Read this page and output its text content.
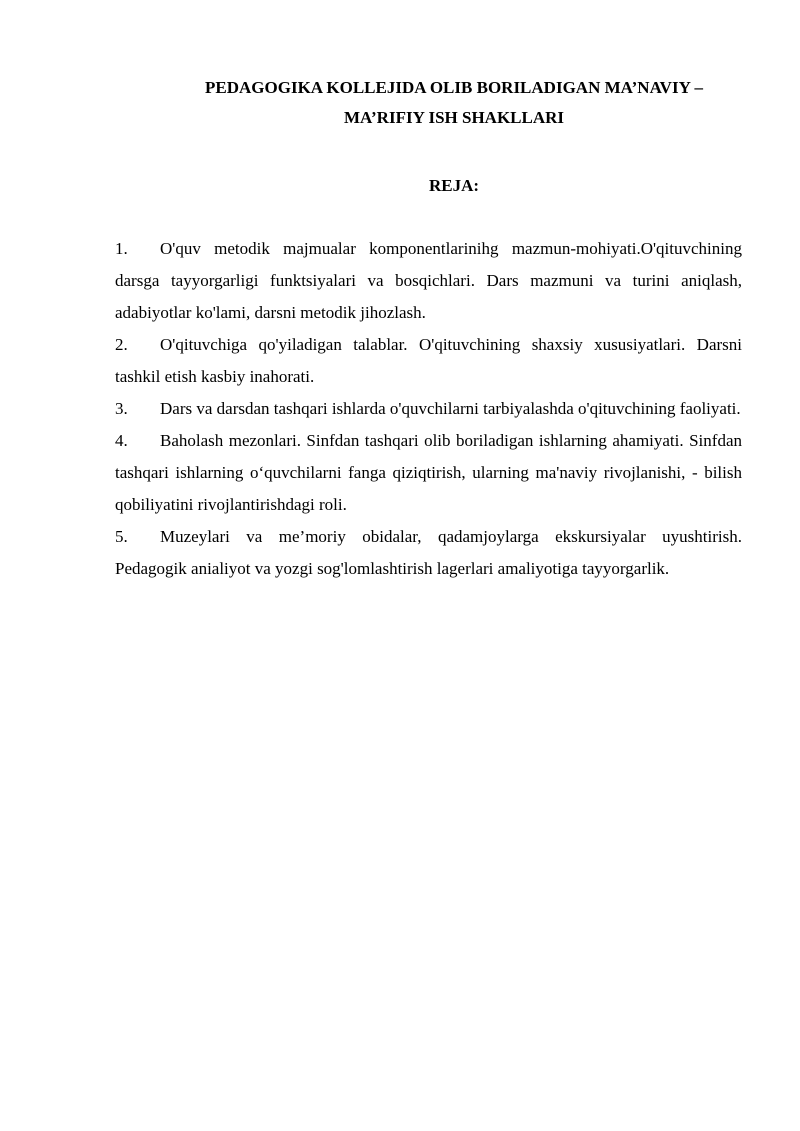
PEDAGOGIKA KOLLEJIDA OLIB BORILADIGAN MA’NAVIY –
MA’RIFIY ISH SHAKLLARI
REJA:
1. O'quv metodik majmualar komponentlarinihg mazmun-mohiyati.O'qituvchining darsga tayyorgarligi funktsiyalari va bosqichlari. Dars mazmuni va turini aniqlash, adabiyotlar ko'lami, darsni metodik jihozlash.
2. O'qituvchiga qo'yiladigan talablar. O'qituvchining shaxsiy xususiyatlari. Darsni tashkil etish kasbiy inahorati.
3. Dars va darsdan tashqari ishlarda o'quvchilarni tarbiyalashda o'qituvchining faoliyati.
4. Baholash mezonlari. Sinfdan tashqari olib boriladigan ishlarning ahamiyati. Sinfdan tashqari ishlarning o‘quvchilarni fanga qiziqtirish, ularning ma'naviy rivojlanishi, - bilish qobiliyatini rivojlantirishdagi roli.
5. Muzeylari va me’moriy obidalar, qadamjoylarga ekskursiyalar uyushtirish. Pedagogik anialiyot va yozgi sog'lomlashtirish lagerlari amaliyotiga tayyorgarlik.
